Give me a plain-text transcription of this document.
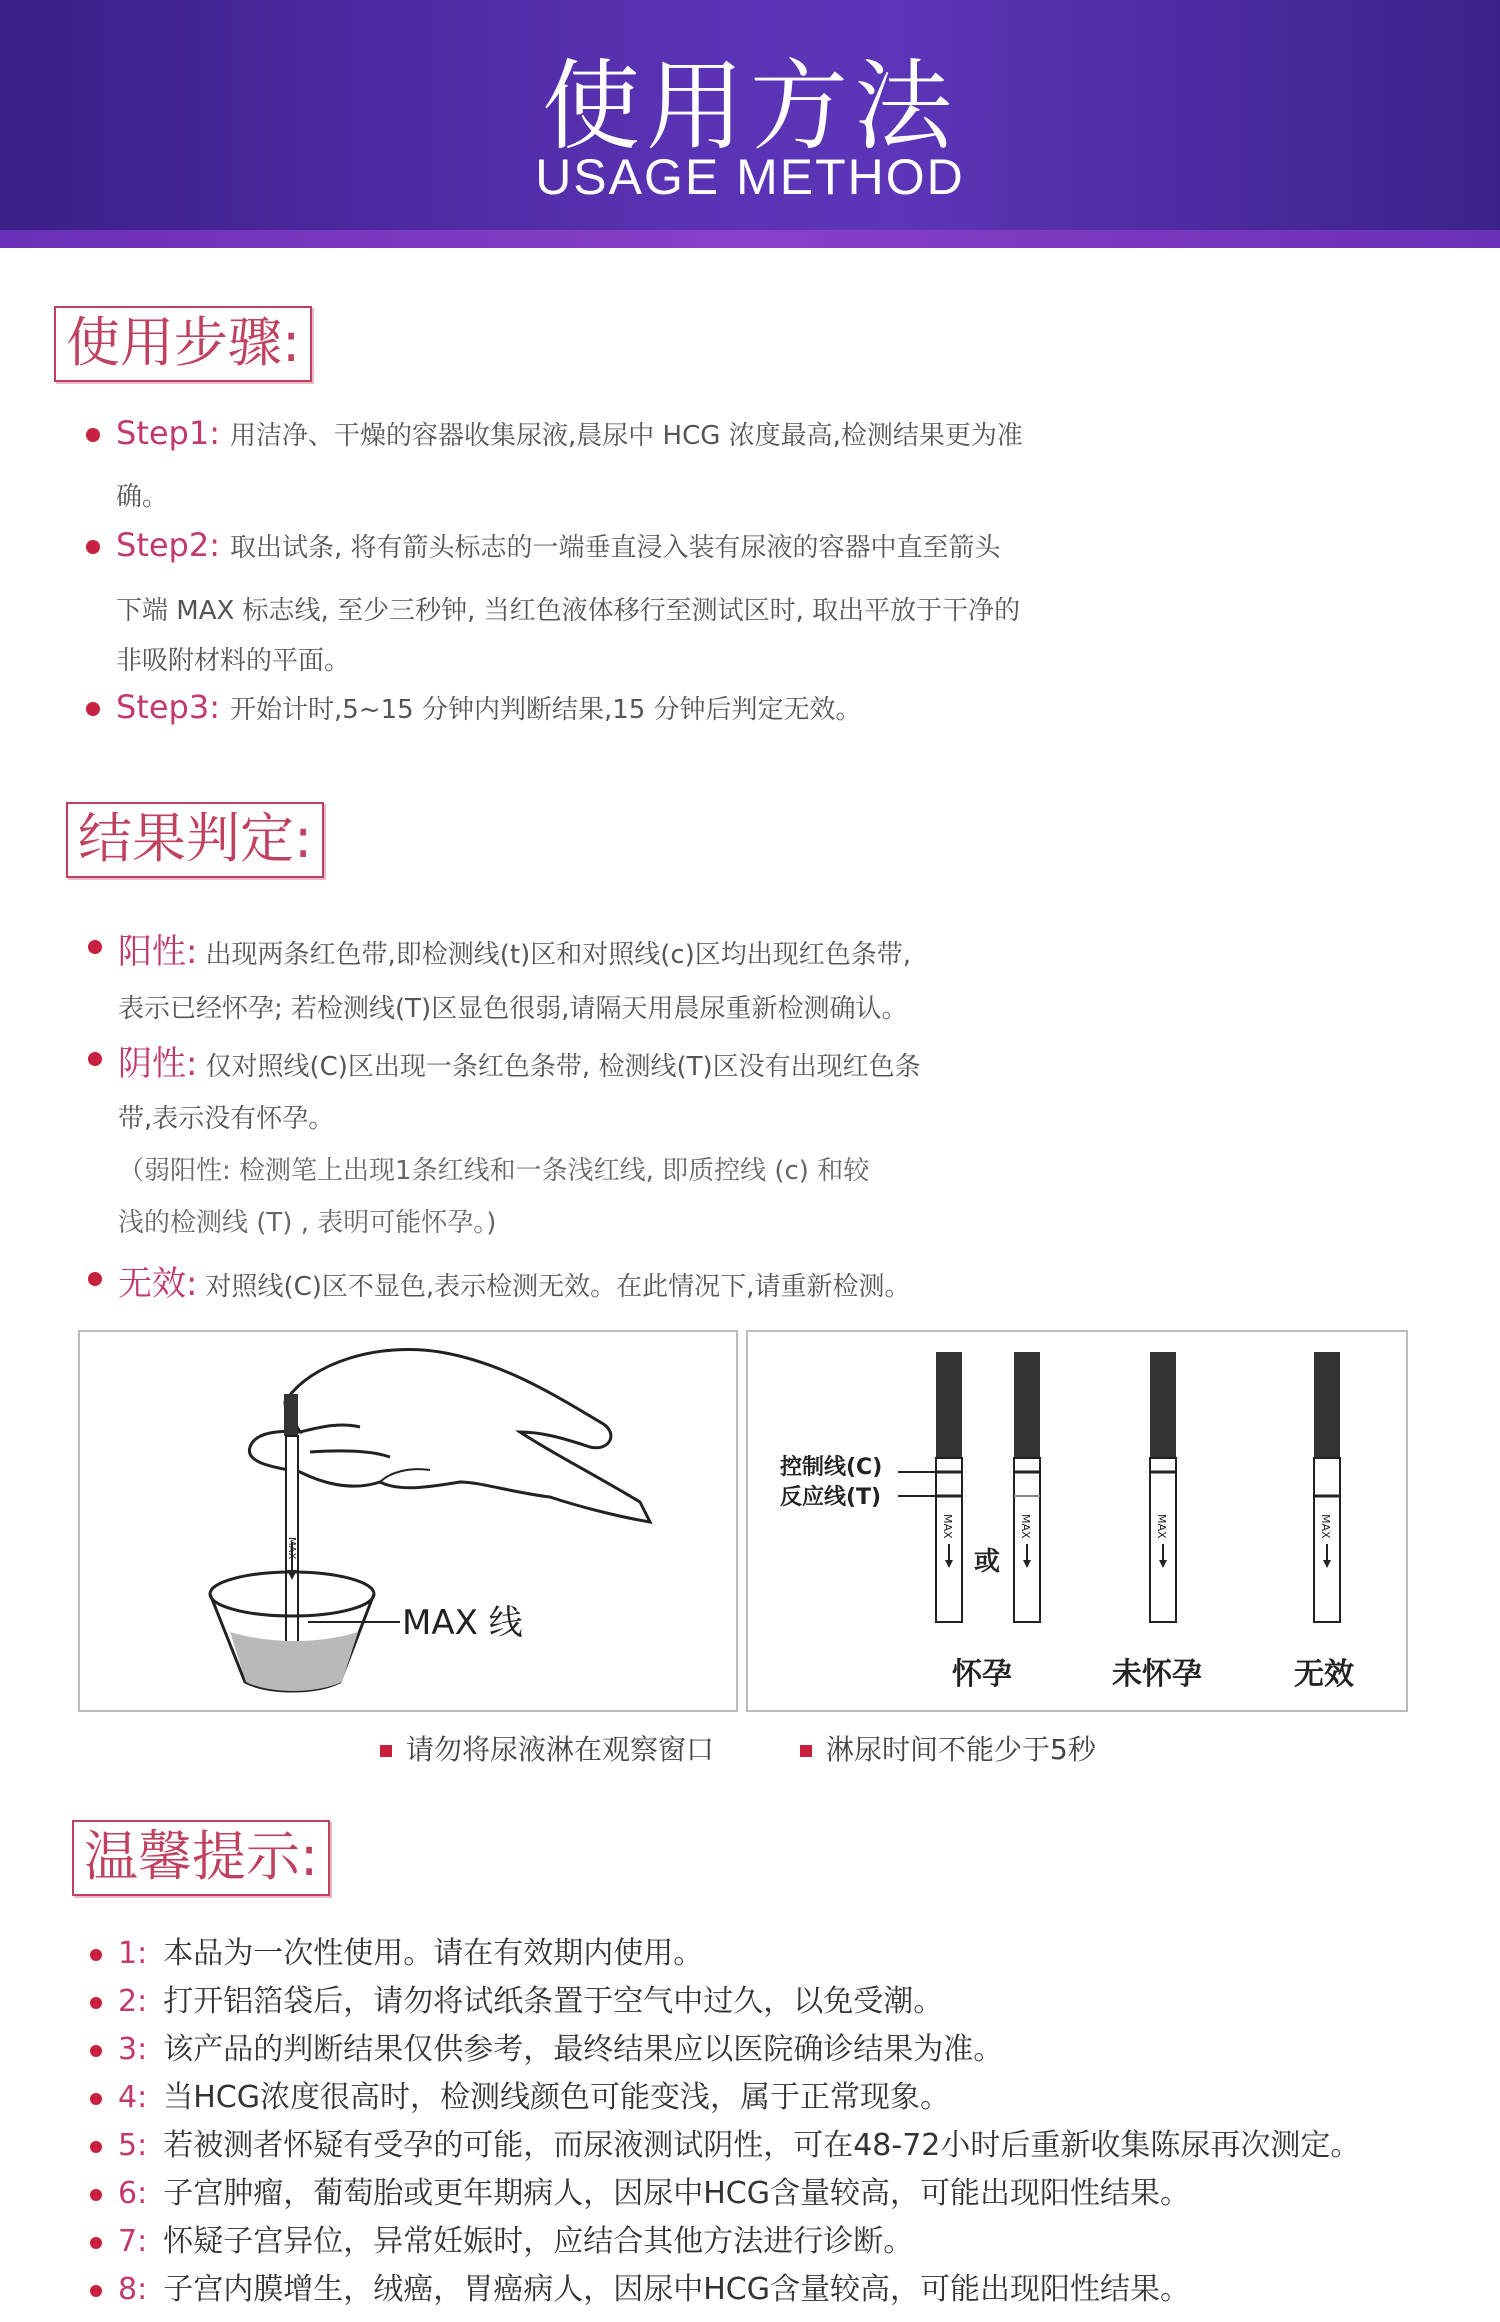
使用方法
USAGE METHOD
使用步骤:
Step1: 用洁净、干燥的容器收集尿液,晨尿中 HCG 浓度最高,检测结果更为准
确。
Step2: 取出试条, 将有箭头标志的一端垂直浸入装有尿液的容器中直至箭头
下端 MAX 标志线, 至少三秒钟, 当红色液体移行至测试区时, 取出平放于干净的
非吸附材料的平面。
Step3: 开始计时,5~15 分钟内判断结果,15 分钟后判定无效。
结果判定:
阳性: 出现两条红色带,即检测线(t)区和对照线(c)区均出现红色条带,
表示已经怀孕; 若检测线(T)区显色很弱,请隔天用晨尿重新检测确认。
阴性: 仅对照线(C)区出现一条红色条带, 检测线(T)区没有出现红色条
带,表示没有怀孕。
（弱阳性: 检测笔上出现1条红线和一条浅红线, 即质控线 (c) 和较
浅的检测线 (T) , 表明可能怀孕。)
无效: 对照线(C)区不显色,表示检测无效。在此情况下,请重新检测。
MAX
MAX 线
控制线(C)
反应线(T)
MAX
或
MAX	MAX	MAX
怀孕	未怀孕	无效
请勿将尿液淋在观察窗口	淋尿时间不能少于5秒
温馨提示:
1: 本品为一次性使用。请在有效期内使用。
2: 打开铝箔袋后，请勿将试纸条置于空气中过久，以免受潮。
3: 该产品的判断结果仅供参考，最终结果应以医院确诊结果为准。
4: 当HCG浓度很高时，检测线颜色可能变浅，属于正常现象。
5: 若被测者怀疑有受孕的可能，而尿液测试阴性，可在48-72小时后重新收集陈尿再次测定。
6: 子宫肿瘤，葡萄胎或更年期病人，因尿中HCG含量较高，可能出现阳性结果。
7: 怀疑子宫异位，异常妊娠时，应结合其他方法进行诊断。
8: 子宫内膜增生，绒癌，胃癌病人，因尿中HCG含量较高，可能出现阳性结果。
